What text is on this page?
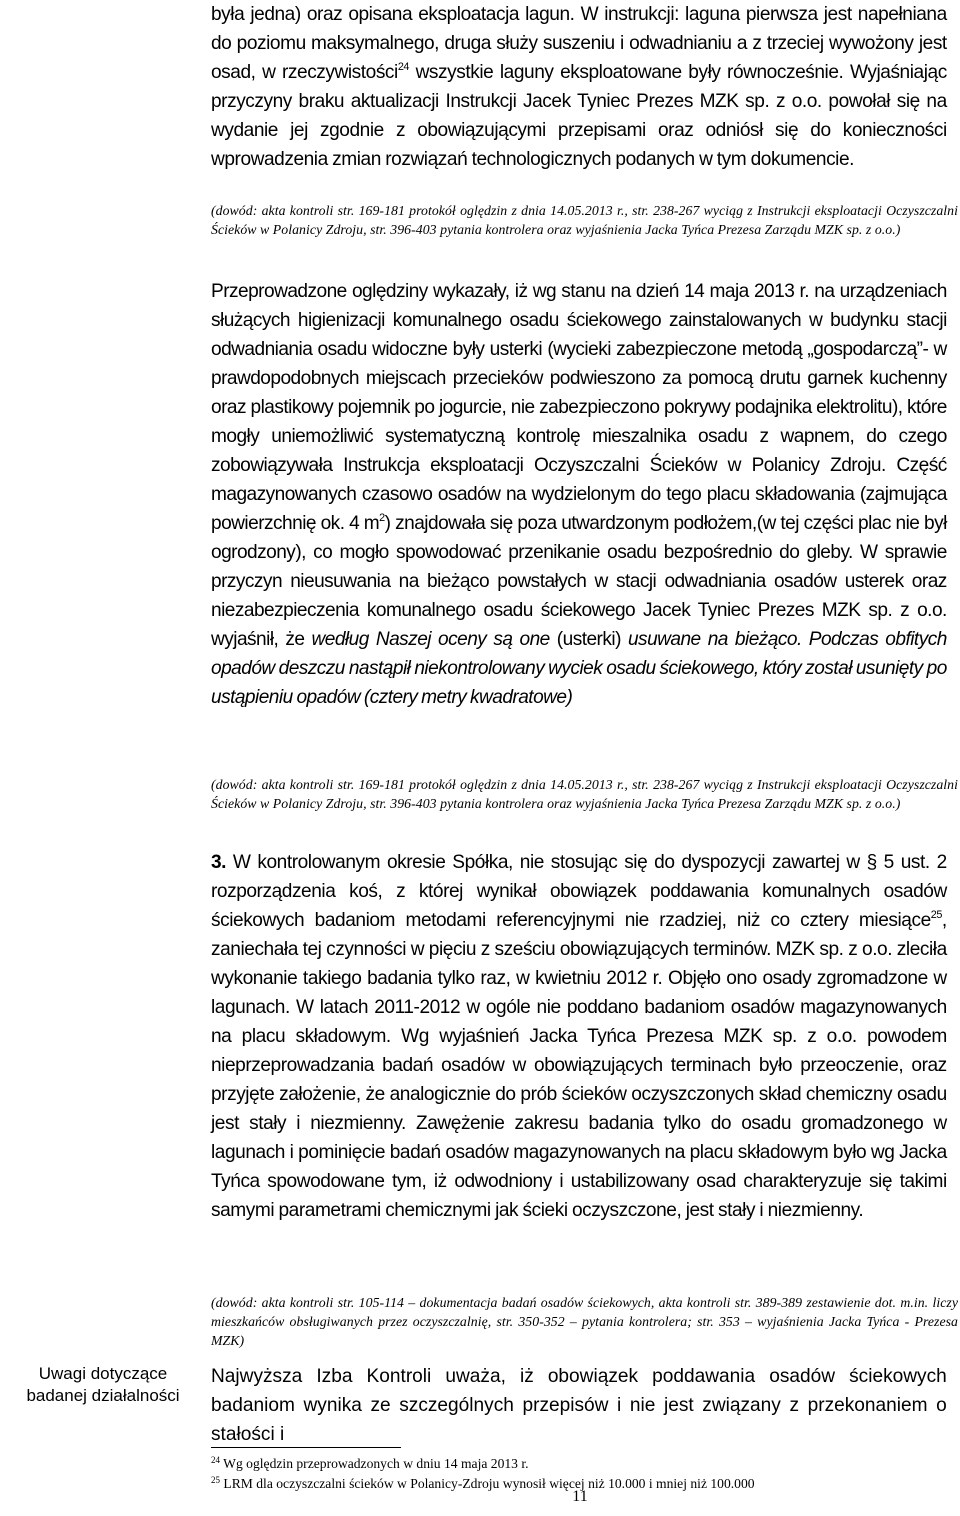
była jedna) oraz opisana eksploatacja lagun. W instrukcji: laguna pierwsza jest napełniana do poziomu maksymalnego, druga służy suszeniu i odwadnianiu a z trzeciej wywożony jest osad, w rzeczywistości$^{24}$ wszystkie laguny eksploatowane były równocześnie. Wyjaśniając przyczyny braku aktualizacji Instrukcji Jacek Tyniec Prezes MZK sp. z o.o. powołał się na wydanie jej zgodnie z obowiązującymi przepisami oraz odniósł się do konieczności wprowadzenia zmian rozwiązań technologicznych podanych w tym dokumencie.

(dowód: akta kontroli str. 169-181 protokół oględzin z dnia 14.05.2013 r., str. 238-267 wyciąg z Instrukcji eksploatacji Oczyszczalni Ścieków w Polanicy Zdroju, str. 396-403 pytania kontrolera oraz wyjaśnienia Jacka Tyńca Prezesa Zarządu MZK sp. z o.o.)

Przeprowadzone oględziny wykazały, iż wg stanu na dzień 14 maja 2013 r. na urządzeniach służących higienizacji komunalnego osadu ściekowego zainstalowanych w budynku stacji odwadniania osadu widoczne były usterki (wycieki zabezpieczone metodą „gospodarczą”- w prawdopodobnych miejscach przecieków podwieszono za pomocą drutu garnek kuchenny oraz plastikowy pojemnik po jogurcie, nie zabezpieczono pokrywy podajnika elektrolitu), które mogły uniemożliwić systematyczną kontrolę mieszalnika osadu z wapnem, do czego zobowiązywała Instrukcja eksploatacji Oczyszczalni Ścieków w Polanicy Zdroju. Część magazynowanych czasowo osadów na wydzielonym do tego placu składowania (zajmująca powierzchnię ok. 4 $m^2$) znajdowała się poza utwardzonym podłożem,(w tej części plac nie był ogrodzony), co mogło spowodować przenikanie osadu bezpośrednio do gleby. W sprawie przyczyn nieusuwania na bieżąco powstałych w stacji odwadniania osadów usterek oraz niezabezpieczenia komunalnego osadu ściekowego Jacek Tyniec Prezes MZK sp. z o.o. wyjaśnił, że według Naszej oceny są one (usterki) usuwane na bieżąco. Podczas obfitych opadów deszczu nastąpił niekontrolowany wyciek osadu ściekowego, który został usunięty po ustąpieniu opadów (cztery metry kwadratowe)

(dowód: akta kontroli str. 169-181 protokół oględzin z dnia 14.05.2013 r., str. 238-267 wyciąg z Instrukcji eksploatacji Oczyszczalni Ścieków w Polanicy Zdroju, str. 396-403 pytania kontrolera oraz wyjaśnienia Jacka Tyńca Prezesa Zarządu MZK sp. z o.o.)

3. W kontrolowanym okresie Spółka, nie stosując się do dyspozycji zawartej w § 5 ust. 2 rozporządzenia koś, z której wynikał obowiązek poddawania komunalnych osadów ściekowych badaniom metodami referencyjnymi nie rzadziej, niż co cztery miesiące$^{25}$, zaniechała tej czynności w pięciu z sześciu obowiązujących terminów. MZK sp. z o.o. zleciła wykonanie takiego badania tylko raz, w kwietniu 2012 r. Objęło ono osady zgromadzone w lagunach. W latach 2011-2012 w ogóle nie poddano badaniom osadów magazynowanych na placu składowym. Wg wyjaśnień Jacka Tyńca Prezesa MZK sp. z o.o. powodem nieprzeprowadzania badań osadów w obowiązujących terminach było przeoczenie, oraz przyjęte założenie, że analogicznie do prób ścieków oczyszczonych skład chemiczny osadu jest stały i niezmienny. Zawężenie zakresu badania tylko do osadu gromadzonego w lagunach i pominięcie badań osadów magazynowanych na placu składowym było wg Jacka Tyńca spowodowane tym, iż odwodniony i ustabilizowany osad charakteryzuje się takimi samymi parametrami chemicznymi jak ścieki oczyszczone, jest stały i niezmienny.

(dowód: akta kontroli str. 105-114 – dokumentacja badań osadów ściekowych, akta kontroli str. 389-389 zestawienie dot. m.in. liczy mieszkańców obsługiwanych przez oczyszczalnię, str. 350-352 – pytania kontrolera; str. 353 – wyjaśnienia Jacka Tyńca - Prezesa MZK)

Uwagi dotyczące
badanej działalności

Najwyższa Izba Kontroli uważa, iż obowiązek poddawania osadów ściekowych badaniom wynika ze szczególnych przepisów i nie jest związany z przekonaniem o stałości i

$^{24}$ Wg oględzin przeprowadzonych w dniu 14 maja 2013 r.
$^{25}$ LRM dla oczyszczalni ścieków w Polanicy-Zdroju wynosił więcej niż 10.000 i mniej niż 100.000
11
